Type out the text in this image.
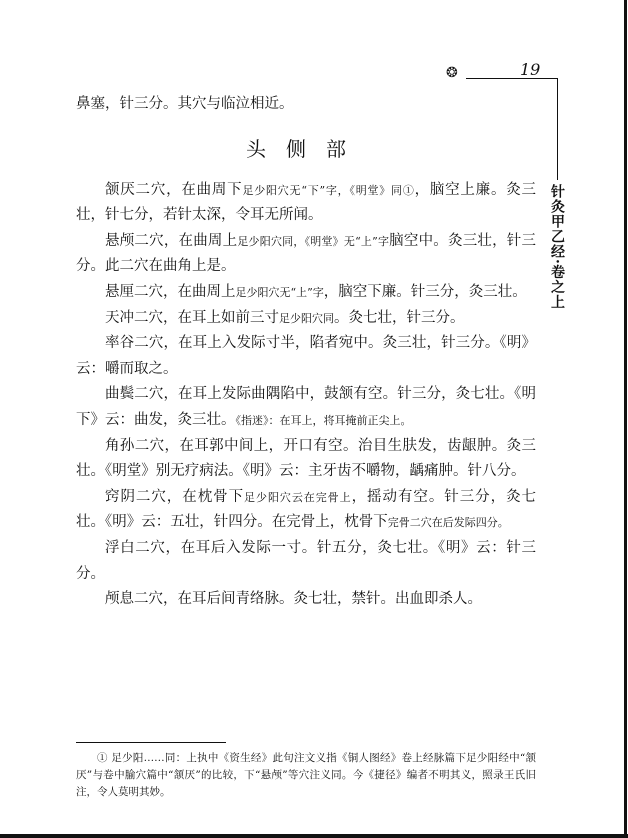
❂	19
针灸甲乙经·卷之上

鼻塞，针三分。其穴与临泣相近。

头侧部

颔厌二穴，在曲周下足少阳穴无“下”字，《明堂》同①，脑空上廉。灸三壮，针七分，若针太深，令耳无所闻。

悬颅二穴，在曲周上足少阳穴同，《明堂》无“上”字脑空中。灸三壮，针三分。此二穴在曲角上是。

悬厘二穴，在曲周上足少阳穴无“上”字，脑空下廉。针三分，灸三壮。

天冲二穴，在耳上如前三寸足少阳穴同。灸七壮，针三分。

率谷二穴，在耳上入发际寸半，陷者宛中。灸三壮，针三分。《明》云：嚼而取之。

曲鬓二穴，在耳上发际曲隅陷中，鼓颔有空。针三分，灸七壮。《明下》云：曲发，灸三壮。《指迷》：在耳上，将耳掩前正尖上。

角孙二穴，在耳郭中间上，开口有空。治目生肤发，齿龈肿。灸三壮。《明堂》别无疗病法。《明》云：主牙齿不嚼物，龋痛肿。针八分。

窍阴二穴，在枕骨下足少阳穴云在完骨上，摇动有空。针三分，灸七壮。《明》云：五壮，针四分。在完骨上，枕骨下完骨二穴在后发际四分。

浮白二穴，在耳后入发际一寸。针五分，灸七壮。《明》云：针三分。

颅息二穴，在耳后间青络脉。灸七壮，禁针。出血即杀人。

① 足少阳……同：上执中《资生经》此句注文义指《铜人图经》卷上经脉篇下足少阳经中“颔厌”与卷中腧穴篇中“颔厌”的比较，下“悬颅”等穴注义同。今《捷径》编者不明其义，照录王氏旧注，令人莫明其妙。
